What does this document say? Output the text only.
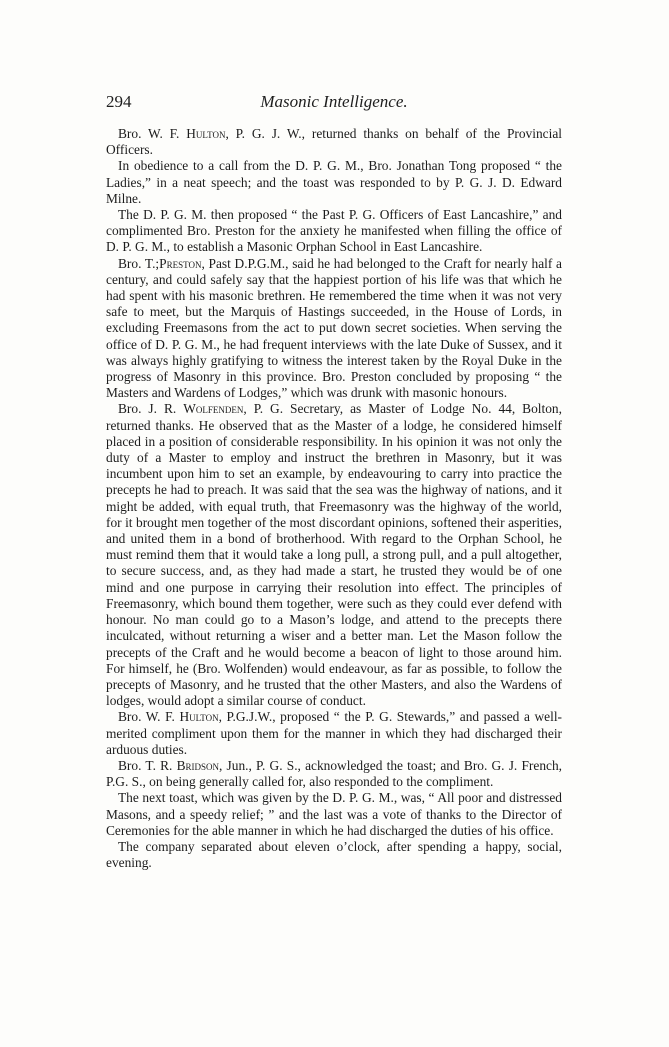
294	Masonic Intelligence.

Bro. W. F. Hulton, P. G. J. W., returned thanks on behalf of the Provincial Officers.

In obedience to a call from the D. P. G. M., Bro. Jonathan Tong proposed “ the Ladies,” in a neat speech; and the toast was responded to by P. G. J. D. Edward Milne.

The D. P. G. M. then proposed “ the Past P. G. Officers of East Lancashire,” and complimented Bro. Preston for the anxiety he manifested when filling the office of D. P. G. M., to establish a Masonic Orphan School in East Lancashire.

Bro. T.;Preston, Past D.P.G.M., said he had belonged to the Craft for nearly half a century, and could safely say that the happiest portion of his life was that which he had spent with his masonic brethren. He remembered the time when it was not very safe to meet, but the Marquis of Hastings succeeded, in the House of Lords, in excluding Freemasons from the act to put down secret societies. When serving the office of D. P. G. M., he had frequent interviews with the late Duke of Sussex, and it was always highly gratifying to witness the interest taken by the Royal Duke in the progress of Masonry in this province. Bro. Preston concluded by proposing “ the Masters and Wardens of Lodges,” which was drunk with masonic honours.

Bro. J. R. Wolfenden, P. G. Secretary, as Master of Lodge No. 44, Bolton, returned thanks. He observed that as the Master of a lodge, he considered himself placed in a position of considerable responsibility. In his opinion it was not only the duty of a Master to employ and instruct the brethren in Masonry, but it was incumbent upon him to set an example, by endeavouring to carry into practice the precepts he had to preach. It was said that the sea was the highway of nations, and it might be added, with equal truth, that Freemasonry was the highway of the world, for it brought men together of the most discordant opinions, softened their asperities, and united them in a bond of brotherhood. With regard to the Orphan School, he must remind them that it would take a long pull, a strong pull, and a pull altogether, to secure success, and, as they had made a start, he trusted they would be of one mind and one purpose in carrying their resolution into effect. The principles of Freemasonry, which bound them together, were such as they could ever defend with honour. No man could go to a Mason’s lodge, and attend to the precepts there inculcated, without returning a wiser and a better man. Let the Mason follow the precepts of the Craft and he would become a beacon of light to those around him. For himself, he (Bro. Wolfenden) would endeavour, as far as possible, to follow the precepts of Masonry, and he trusted that the other Masters, and also the Wardens of lodges, would adopt a similar course of conduct.

Bro. W. F. Hulton, P.G.J.W., proposed “ the P. G. Stewards,” and passed a well-merited compliment upon them for the manner in which they had discharged their arduous duties.

Bro. T. R. Bridson, Jun., P. G. S., acknowledged the toast; and Bro. G. J. French, P.G. S., on being generally called for, also responded to the compliment.

The next toast, which was given by the D. P. G. M., was, “ All poor and distressed Masons, and a speedy relief; ” and the last was a vote of thanks to the Director of Ceremonies for the able manner in which he had discharged the duties of his office.

The company separated about eleven o’clock, after spending a happy, social, evening.
